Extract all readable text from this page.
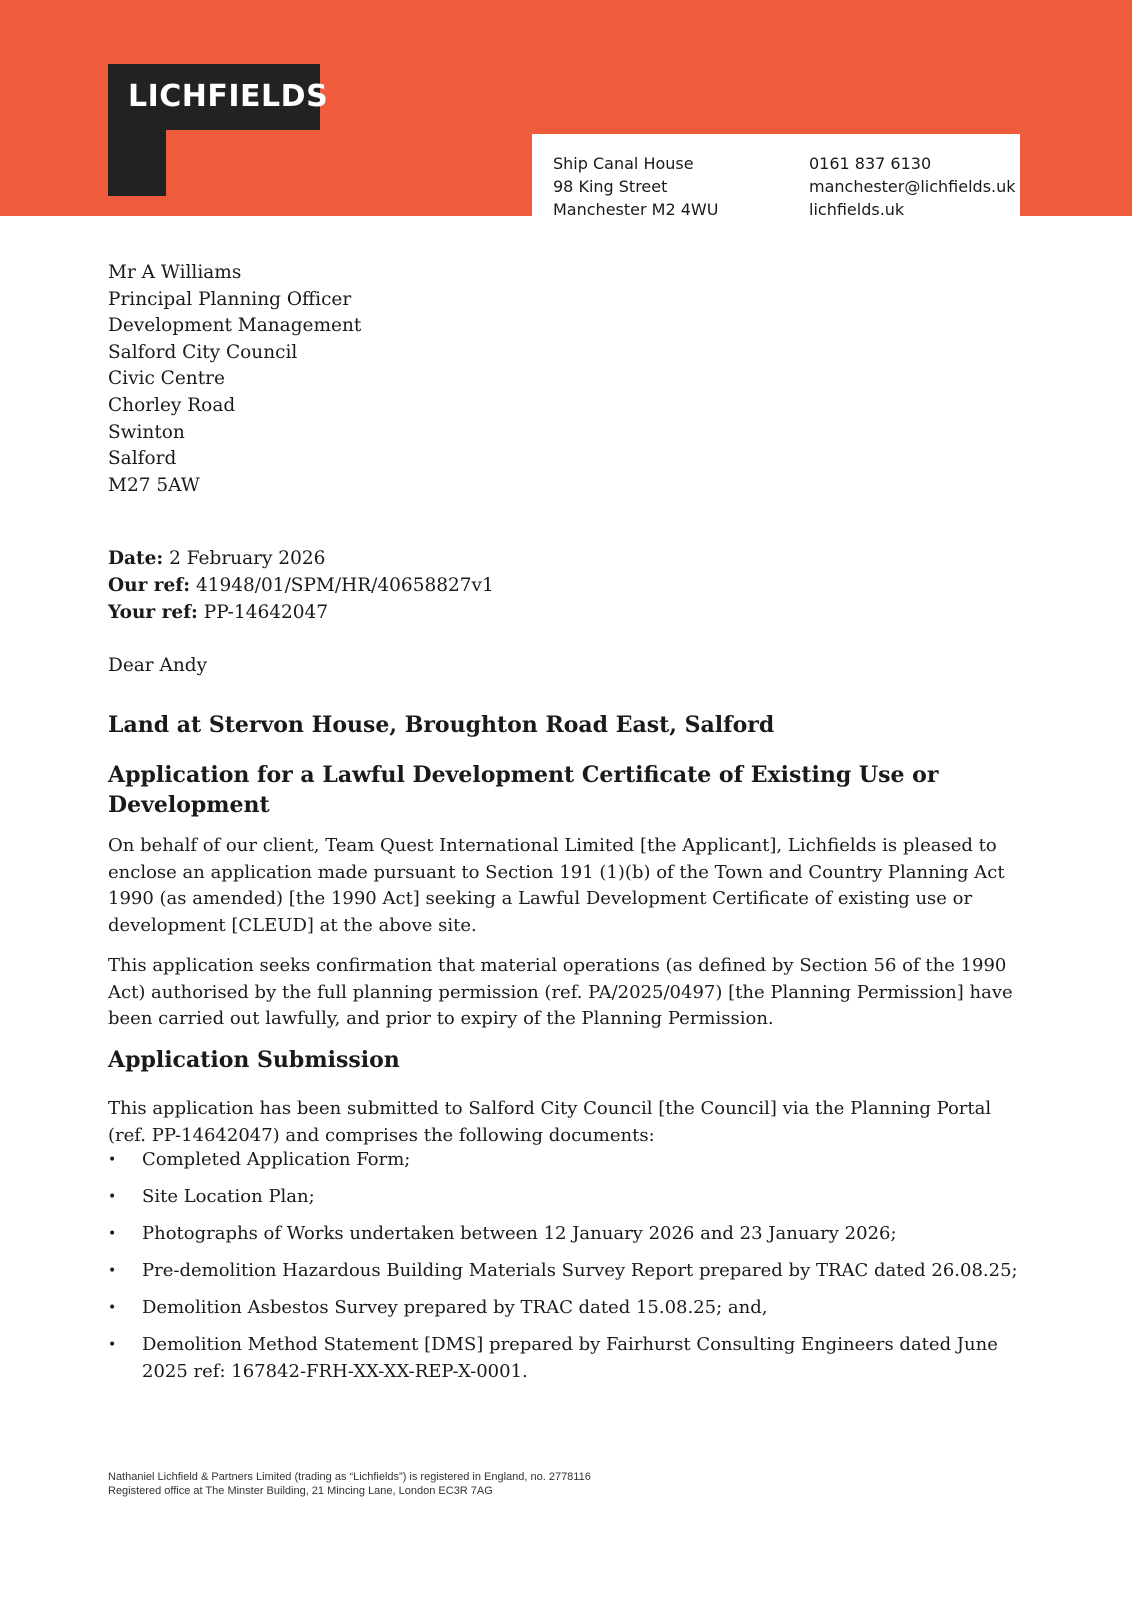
LICHFIELDS
Ship Canal House
98 King Street
Manchester M2 4WU
0161 837 6130
manchester@lichfields.uk
lichfields.uk
Mr A Williams
Principal Planning Officer
Development Management
Salford City Council
Civic Centre
Chorley Road
Swinton
Salford
M27 5AW
Date: 2 February 2026
Our ref: 41948/01/SPM/HR/40658827v1
Your ref: PP-14642047
Dear Andy
Land at Stervon House, Broughton Road East, Salford
Application for a Lawful Development Certificate of Existing Use or Development

On behalf of our client, Team Quest International Limited [the Applicant], Lichfields is pleased to enclose an application made pursuant to Section 191 (1)(b) of the Town and Country Planning Act 1990 (as amended) [the 1990 Act] seeking a Lawful Development Certificate of existing use or development [CLEUD] at the above site.

This application seeks confirmation that material operations (as defined by Section 56 of the 1990 Act) authorised by the full planning permission (ref. PA/2025/0497) [the Planning Permission] have been carried out lawfully, and prior to expiry of the Planning Permission.

Application Submission

This application has been submitted to Salford City Council [the Council] via the Planning Portal (ref. PP-14642047) and comprises the following documents:

• Completed Application Form;
• Site Location Plan;
• Photographs of Works undertaken between 12 January 2026 and 23 January 2026;
• Pre-demolition Hazardous Building Materials Survey Report prepared by TRAC dated 26.08.25;
• Demolition Asbestos Survey prepared by TRAC dated 15.08.25; and,
• Demolition Method Statement [DMS] prepared by Fairhurst Consulting Engineers dated June 2025 ref: 167842-FRH-XX-XX-REP-X-0001.
Nathaniel Lichfield & Partners Limited (trading as “Lichfields”) is registered in England, no. 2778116
Registered office at The Minster Building, 21 Mincing Lane, London EC3R 7AG
